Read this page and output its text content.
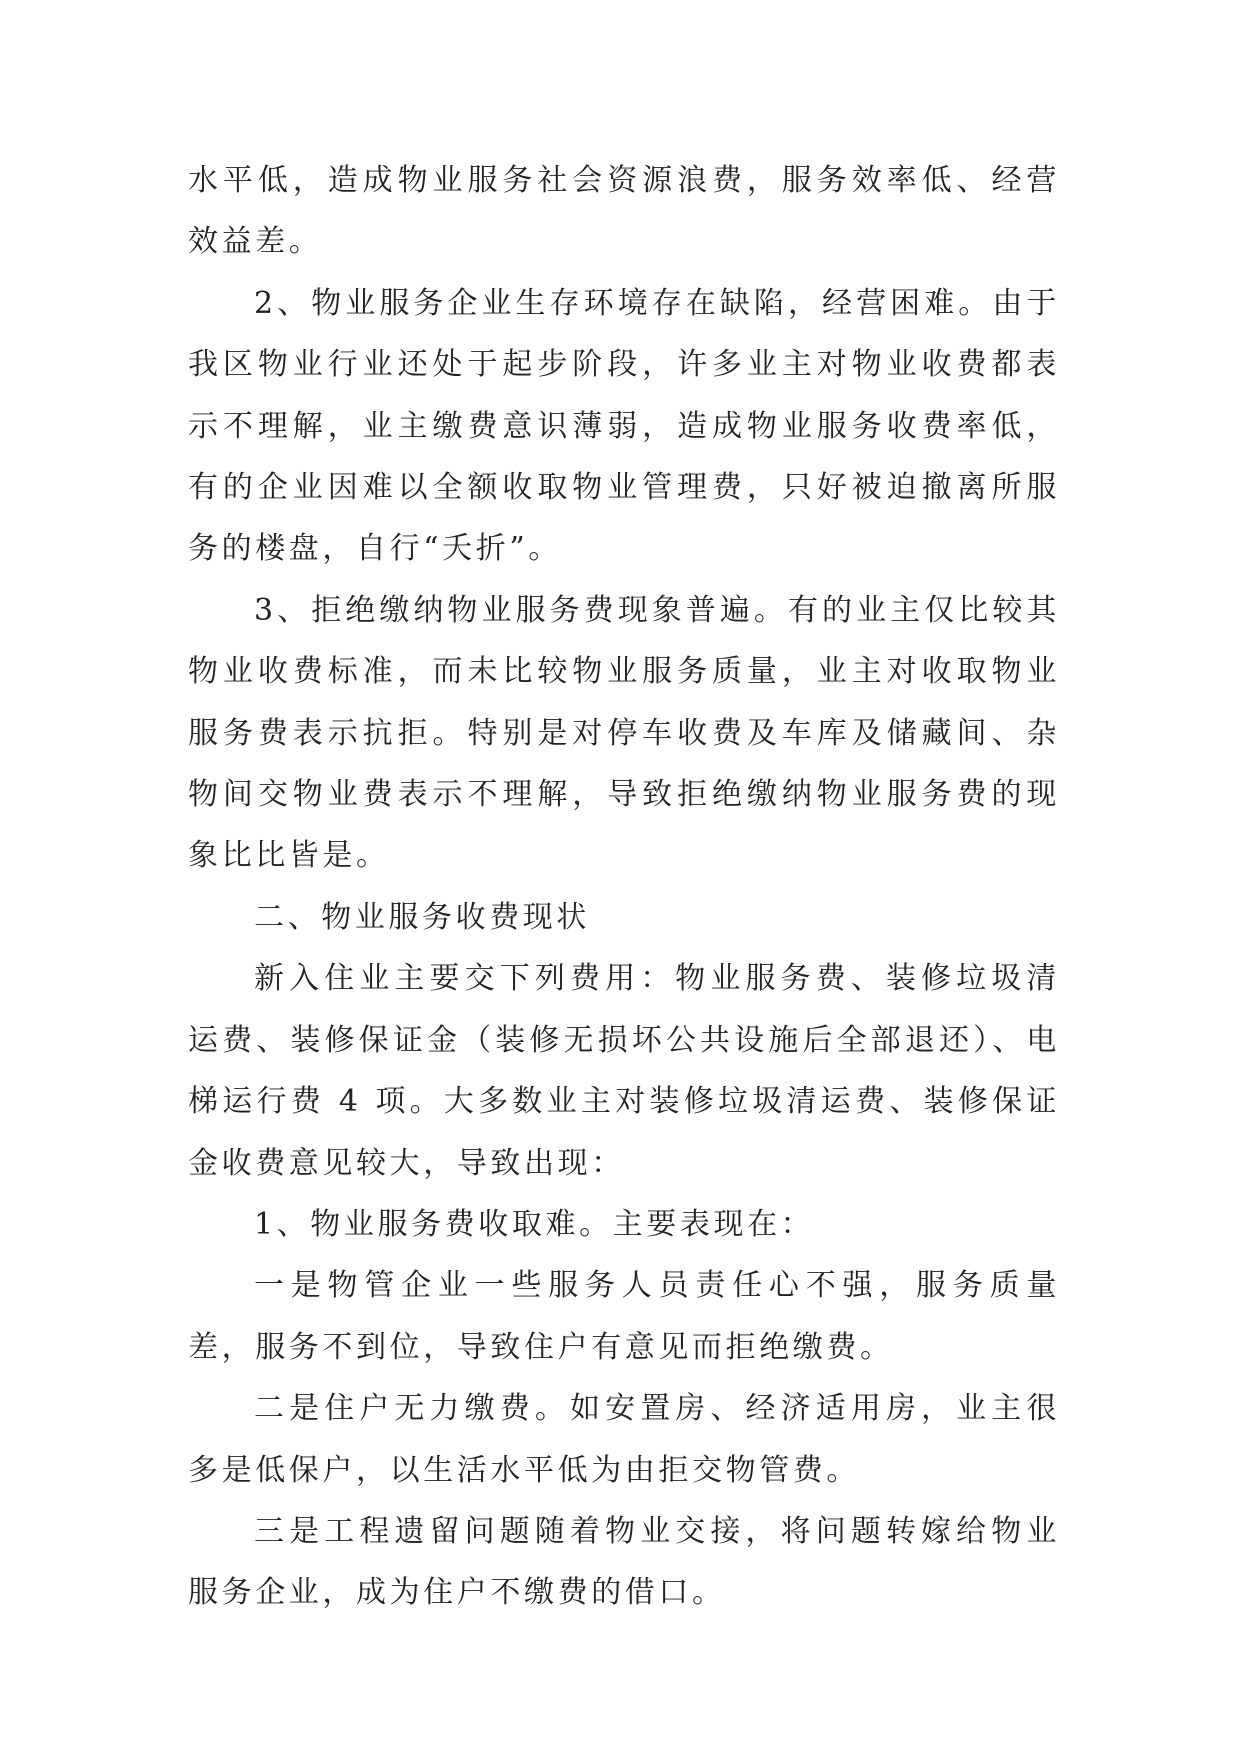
水平低，造成物业服务社会资源浪费，服务效率低、经营效益差。

2、物业服务企业生存环境存在缺陷，经营困难。由于我区物业行业还处于起步阶段，许多业主对物业收费都表示不理解，业主缴费意识薄弱，造成物业服务收费率低，有的企业因难以全额收取物业管理费，只好被迫撤离所服务的楼盘，自行“夭折”。

3、拒绝缴纳物业服务费现象普遍。有的业主仅比较其物业收费标准，而未比较物业服务质量，业主对收取物业服务费表示抗拒。特别是对停车收费及车库及储藏间、杂物间交物业费表示不理解，导致拒绝缴纳物业服务费的现象比比皆是。

二、物业服务收费现状

新入住业主要交下列费用：物业服务费、装修垃圾清运费、装修保证金（装修无损坏公共设施后全部退还）、电梯运行费 4 项。大多数业主对装修垃圾清运费、装修保证金收费意见较大，导致出现：

1、物业服务费收取难。主要表现在：

一是物管企业一些服务人员责任心不强，服务质量差，服务不到位，导致住户有意见而拒绝缴费。

二是住户无力缴费。如安置房、经济适用房，业主很多是低保户，以生活水平低为由拒交物管费。

三是工程遗留问题随着物业交接，将问题转嫁给物业服务企业，成为住户不缴费的借口。
